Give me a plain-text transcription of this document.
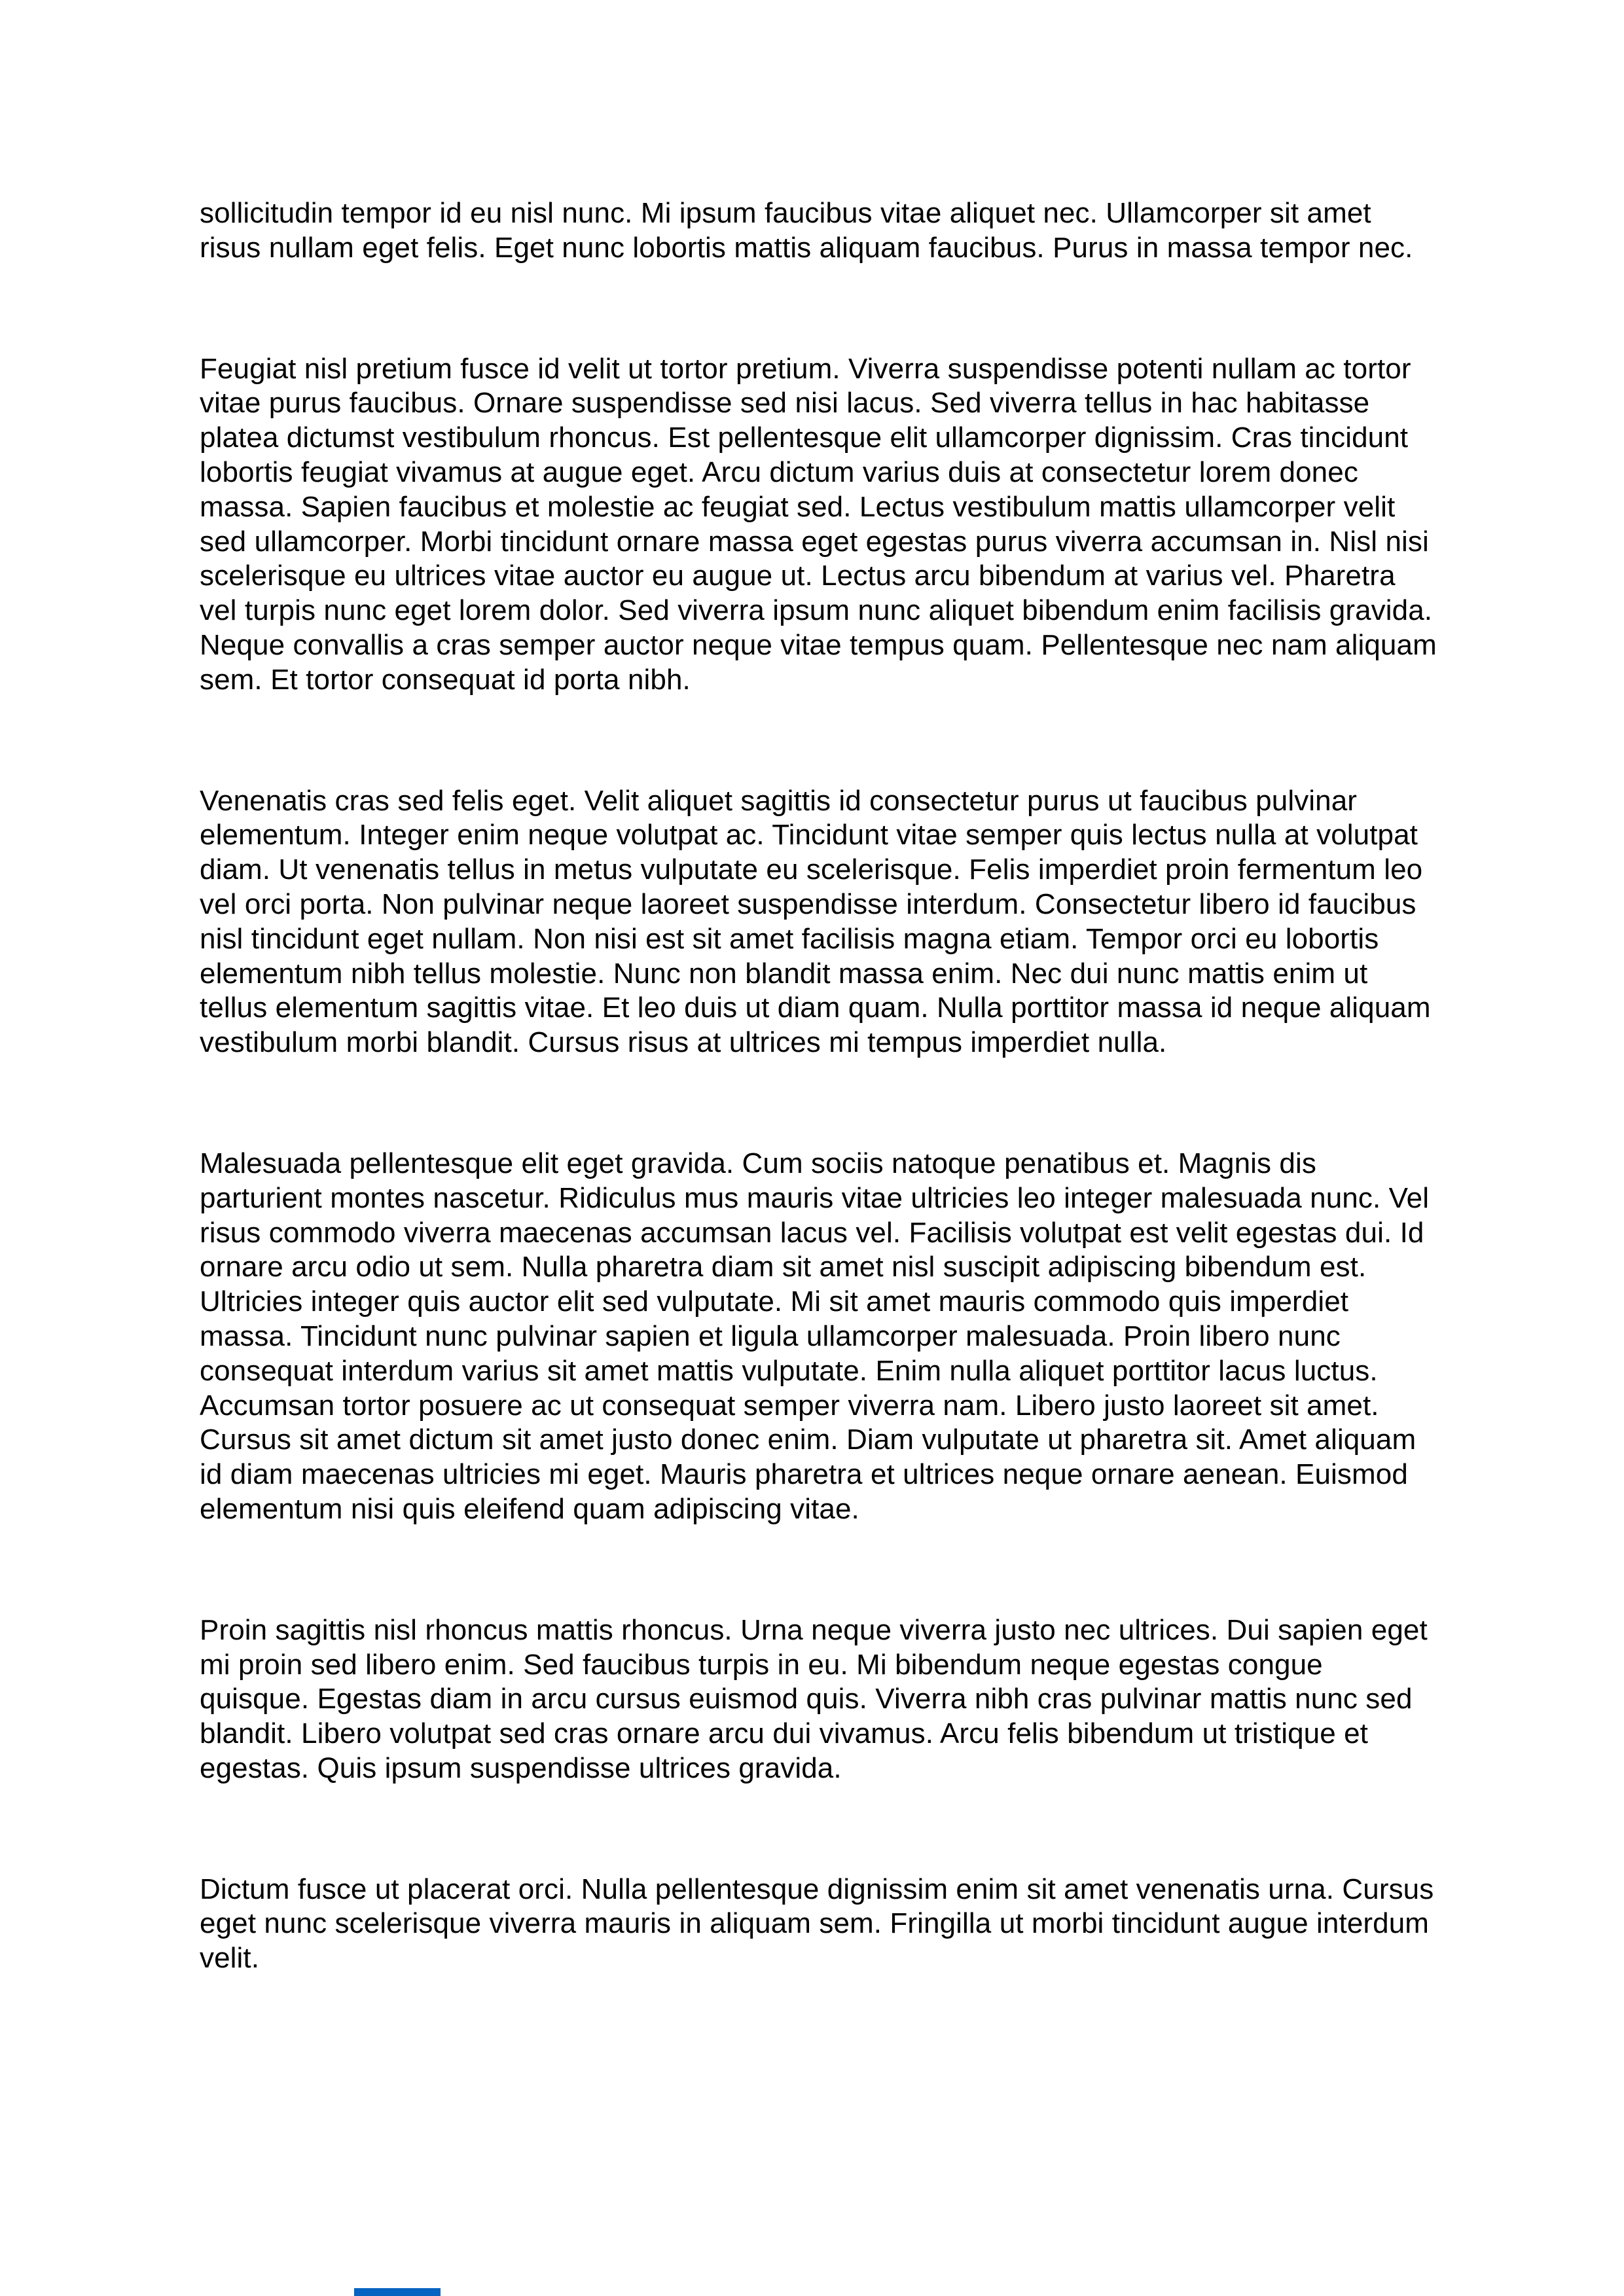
sollicitudin tempor id eu nisl nunc. Mi ipsum faucibus vitae aliquet nec. Ullamcorper sit amet risus nullam eget felis. Eget nunc lobortis mattis aliquam faucibus. Purus in massa tempor nec.

Feugiat nisl pretium fusce id velit ut tortor pretium. Viverra suspendisse potenti nullam ac tortor vitae purus faucibus. Ornare suspendisse sed nisi lacus. Sed viverra tellus in hac habitasse platea dictumst vestibulum rhoncus. Est pellentesque elit ullamcorper dignissim. Cras tincidunt lobortis feugiat vivamus at augue eget. Arcu dictum varius duis at consectetur lorem donec massa. Sapien faucibus et molestie ac feugiat sed. Lectus vestibulum mattis ullamcorper velit sed ullamcorper. Morbi tincidunt ornare massa eget egestas purus viverra accumsan in. Nisl nisi scelerisque eu ultrices vitae auctor eu augue ut. Lectus arcu bibendum at varius vel. Pharetra vel turpis nunc eget lorem dolor. Sed viverra ipsum nunc aliquet bibendum enim facilisis gravida. Neque convallis a cras semper auctor neque vitae tempus quam. Pellentesque nec nam aliquam sem. Et tortor consequat id porta nibh.

Venenatis cras sed felis eget. Velit aliquet sagittis id consectetur purus ut faucibus pulvinar elementum. Integer enim neque volutpat ac. Tincidunt vitae semper quis lectus nulla at volutpat diam. Ut venenatis tellus in metus vulputate eu scelerisque. Felis imperdiet proin fermentum leo vel orci porta. Non pulvinar neque laoreet suspendisse interdum. Consectetur libero id faucibus nisl tincidunt eget nullam. Non nisi est sit amet facilisis magna etiam. Tempor orci eu lobortis elementum nibh tellus molestie. Nunc non blandit massa enim. Nec dui nunc mattis enim ut tellus elementum sagittis vitae. Et leo duis ut diam quam. Nulla porttitor massa id neque aliquam vestibulum morbi blandit. Cursus risus at ultrices mi tempus imperdiet nulla.

Malesuada pellentesque elit eget gravida. Cum sociis natoque penatibus et. Magnis dis parturient montes nascetur. Ridiculus mus mauris vitae ultricies leo integer malesuada nunc. Vel risus commodo viverra maecenas accumsan lacus vel. Facilisis volutpat est velit egestas dui. Id ornare arcu odio ut sem. Nulla pharetra diam sit amet nisl suscipit adipiscing bibendum est. Ultricies integer quis auctor elit sed vulputate. Mi sit amet mauris commodo quis imperdiet massa. Tincidunt nunc pulvinar sapien et ligula ullamcorper malesuada. Proin libero nunc consequat interdum varius sit amet mattis vulputate. Enim nulla aliquet porttitor lacus luctus. Accumsan tortor posuere ac ut consequat semper viverra nam. Libero justo laoreet sit amet. Cursus sit amet dictum sit amet justo donec enim. Diam vulputate ut pharetra sit. Amet aliquam id diam maecenas ultricies mi eget. Mauris pharetra et ultrices neque ornare aenean. Euismod elementum nisi quis eleifend quam adipiscing vitae.

Proin sagittis nisl rhoncus mattis rhoncus. Urna neque viverra justo nec ultrices. Dui sapien eget mi proin sed libero enim. Sed faucibus turpis in eu. Mi bibendum neque egestas congue quisque. Egestas diam in arcu cursus euismod quis. Viverra nibh cras pulvinar mattis nunc sed blandit. Libero volutpat sed cras ornare arcu dui vivamus. Arcu felis bibendum ut tristique et egestas. Quis ipsum suspendisse ultrices gravida.

Dictum fusce ut placerat orci. Nulla pellentesque dignissim enim sit amet venenatis urna. Cursus eget nunc scelerisque viverra mauris in aliquam sem. Fringilla ut morbi tincidunt augue interdum velit.
